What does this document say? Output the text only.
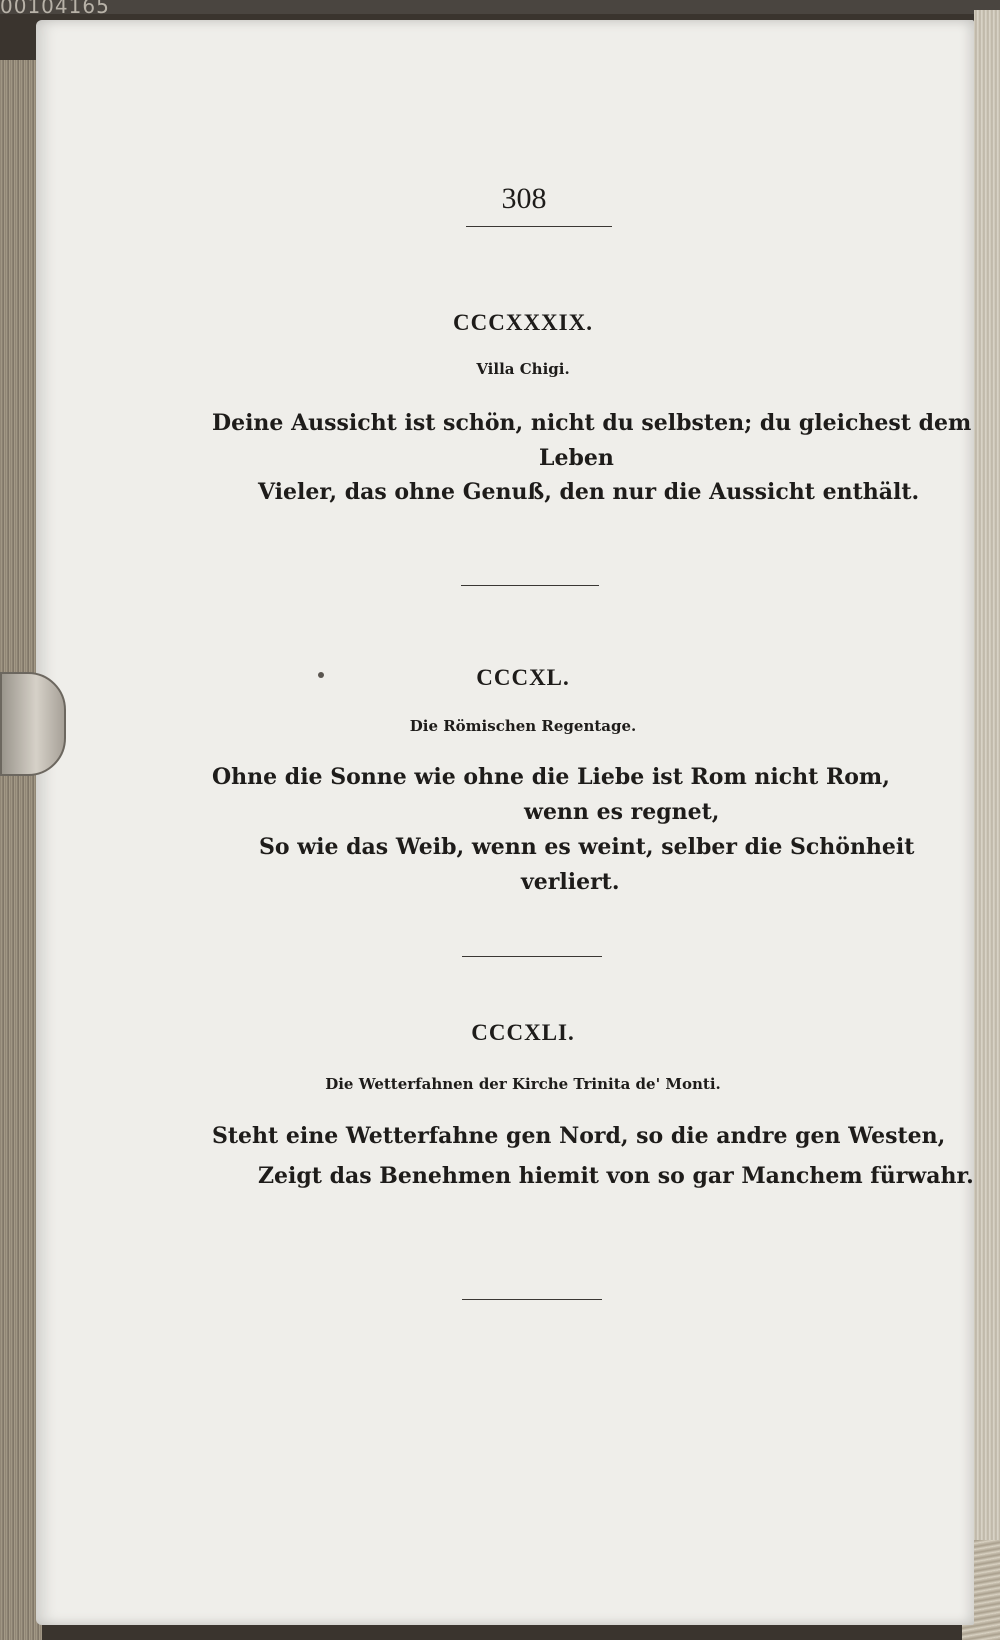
00104165
308
CCCXXXIX.
Villa Chigi.
Deine Aussicht ist schön, nicht du selbsten; du gleichest dem
Leben
Vieler, das ohne Genuß, den nur die Aussicht enthält.
CCCXL.
Die Römischen Regentage.
Ohne die Sonne wie ohne die Liebe ist Rom nicht Rom,
wenn es regnet,
So wie das Weib, wenn es weint, selber die Schönheit
verliert.
CCCXLI.
Die Wetterfahnen der Kirche Trinita de' Monti.
Steht eine Wetterfahne gen Nord, so die andre gen Westen,
Zeigt das Benehmen hiemit von so gar Manchem fürwahr.
